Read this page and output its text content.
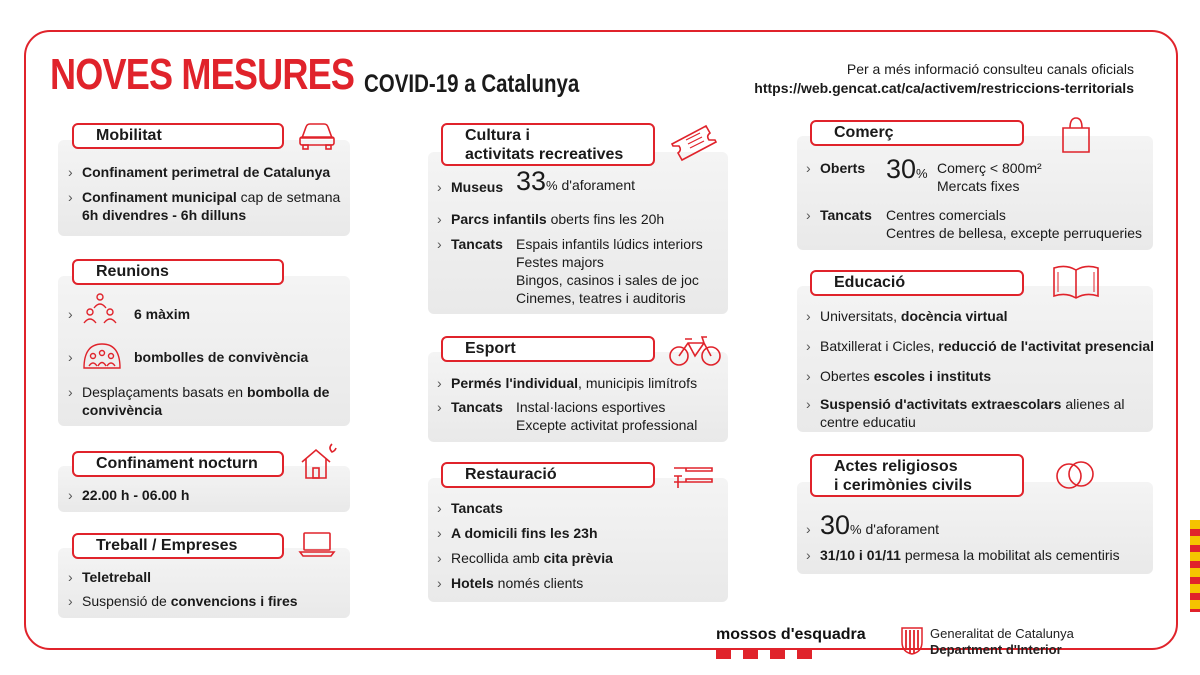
NOVES MESURES COVID-19 a Catalunya
Per a més informació consulteu canals oficials
https://web.gencat.cat/ca/activem/restriccions-territorials
Mobilitat
› Confinament perimetral de Catalunya
› Confinament municipal cap de setmana
6h divendres - 6h dilluns
Reunions
›	6 màxim
›	bombolles de convivència
› Desplaçaments basats en bombolla de
convivència
Confinament nocturn
› 22.00 h - 06.00 h
Treball / Empreses
› Teletreball
› Suspensió de convencions i fires
Cultura i
activitats recreatives
› Museus 33% d'aforament
› Parcs infantils oberts fins les 20h
› Tancats Espais infantils lúdics interiors
Festes majors
Bingos, casinos i sales de joc
Cinemes, teatres i auditoris
Esport
› Permés l'individual, municipis limítrofs
› Tancats Instal·lacions esportives
Excepte activitat professional
Restauració
› Tancats
› A domicili fins les 23h
› Recollida amb cita prèvia
› Hotels només clients
Comerç
› Oberts 30% Comerç < 800m²
Mercats fixes
› Tancats Centres comercials
Centres de bellesa, excepte perruqueries
Educació
› Universitats, docència virtual
› Batxillerat i Cicles, reducció de l'activitat presencial
› Obertes escoles i instituts
› Suspensió d'activitats extraescolars alienes al
centre educatiu
Actes religiosos
i cerimònies civils
› 30% d'aforament
› 31/10 i 01/11 permesa la mobilitat als cementiris
mossos d'esquadra	Generalitat de Catalunya
Department d'Interior
